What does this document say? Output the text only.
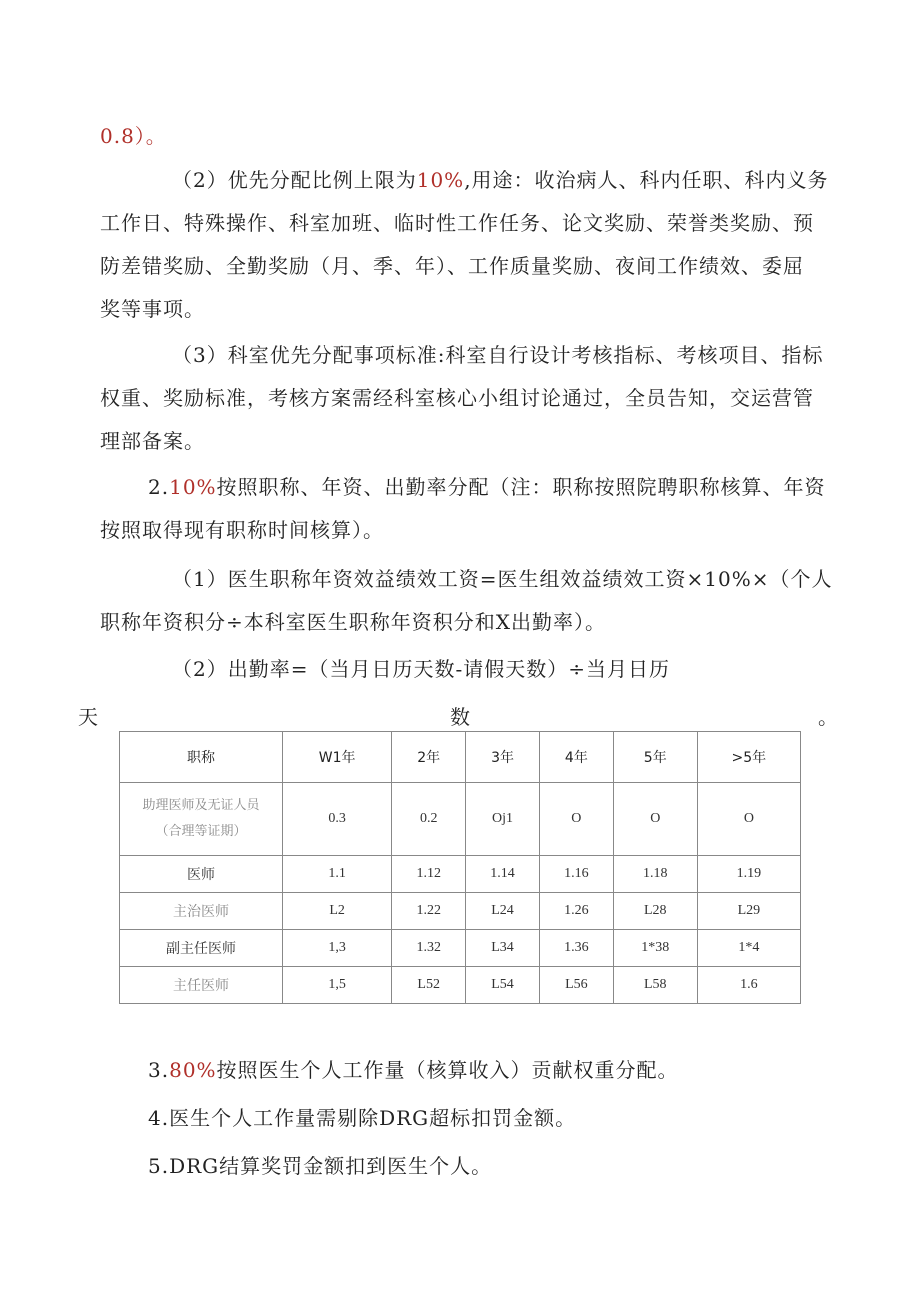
0.8）。
（2）优先分配比例上限为10%,用途：收治病人、科内任职、科内义务
工作日、特殊操作、科室加班、临时性工作任务、论文奖励、荣誉类奖励、预
防差错奖励、全勤奖励（月、季、年）、工作质量奖励、夜间工作绩效、委屈
奖等事项。
（3）科室优先分配事项标准:科室自行设计考核指标、考核项目、指标
权重、奖励标准，考核方案需经科室核心小组讨论通过，全员告知，交运营管
理部备案。
2.10%按照职称、年资、出勤率分配（注：职称按照院聘职称核算、年资
按照取得现有职称时间核算）。
（1）医生职称年资效益绩效工资=医生组效益绩效工资×10%×（个人
职称年资积分÷本科室医生职称年资积分和X出勤率）。
（2）出勤率=（当月日历天数-请假天数）÷当月日历
天	数	。
职称	W1年	2年	3年	4年	5年	>5年

助理医师及无证人员
（合理等证期）	0.3	0.2	Oj1	O	O	O
医师	1.1	1.12	1.14	1.16	1.18	1.19
主治医师	L2	1.22	L24	1.26	L28	L29
副主任医师	1,3	1.32	L34	1.36	1*38	1*4
主任医师	1,5	L52	L54	L56	L58	1.6
3.80%按照医生个人工作量（核算收入）贡献权重分配。
4.医生个人工作量需剔除DRG超标扣罚金额。
5.DRG结算奖罚金额扣到医生个人。
